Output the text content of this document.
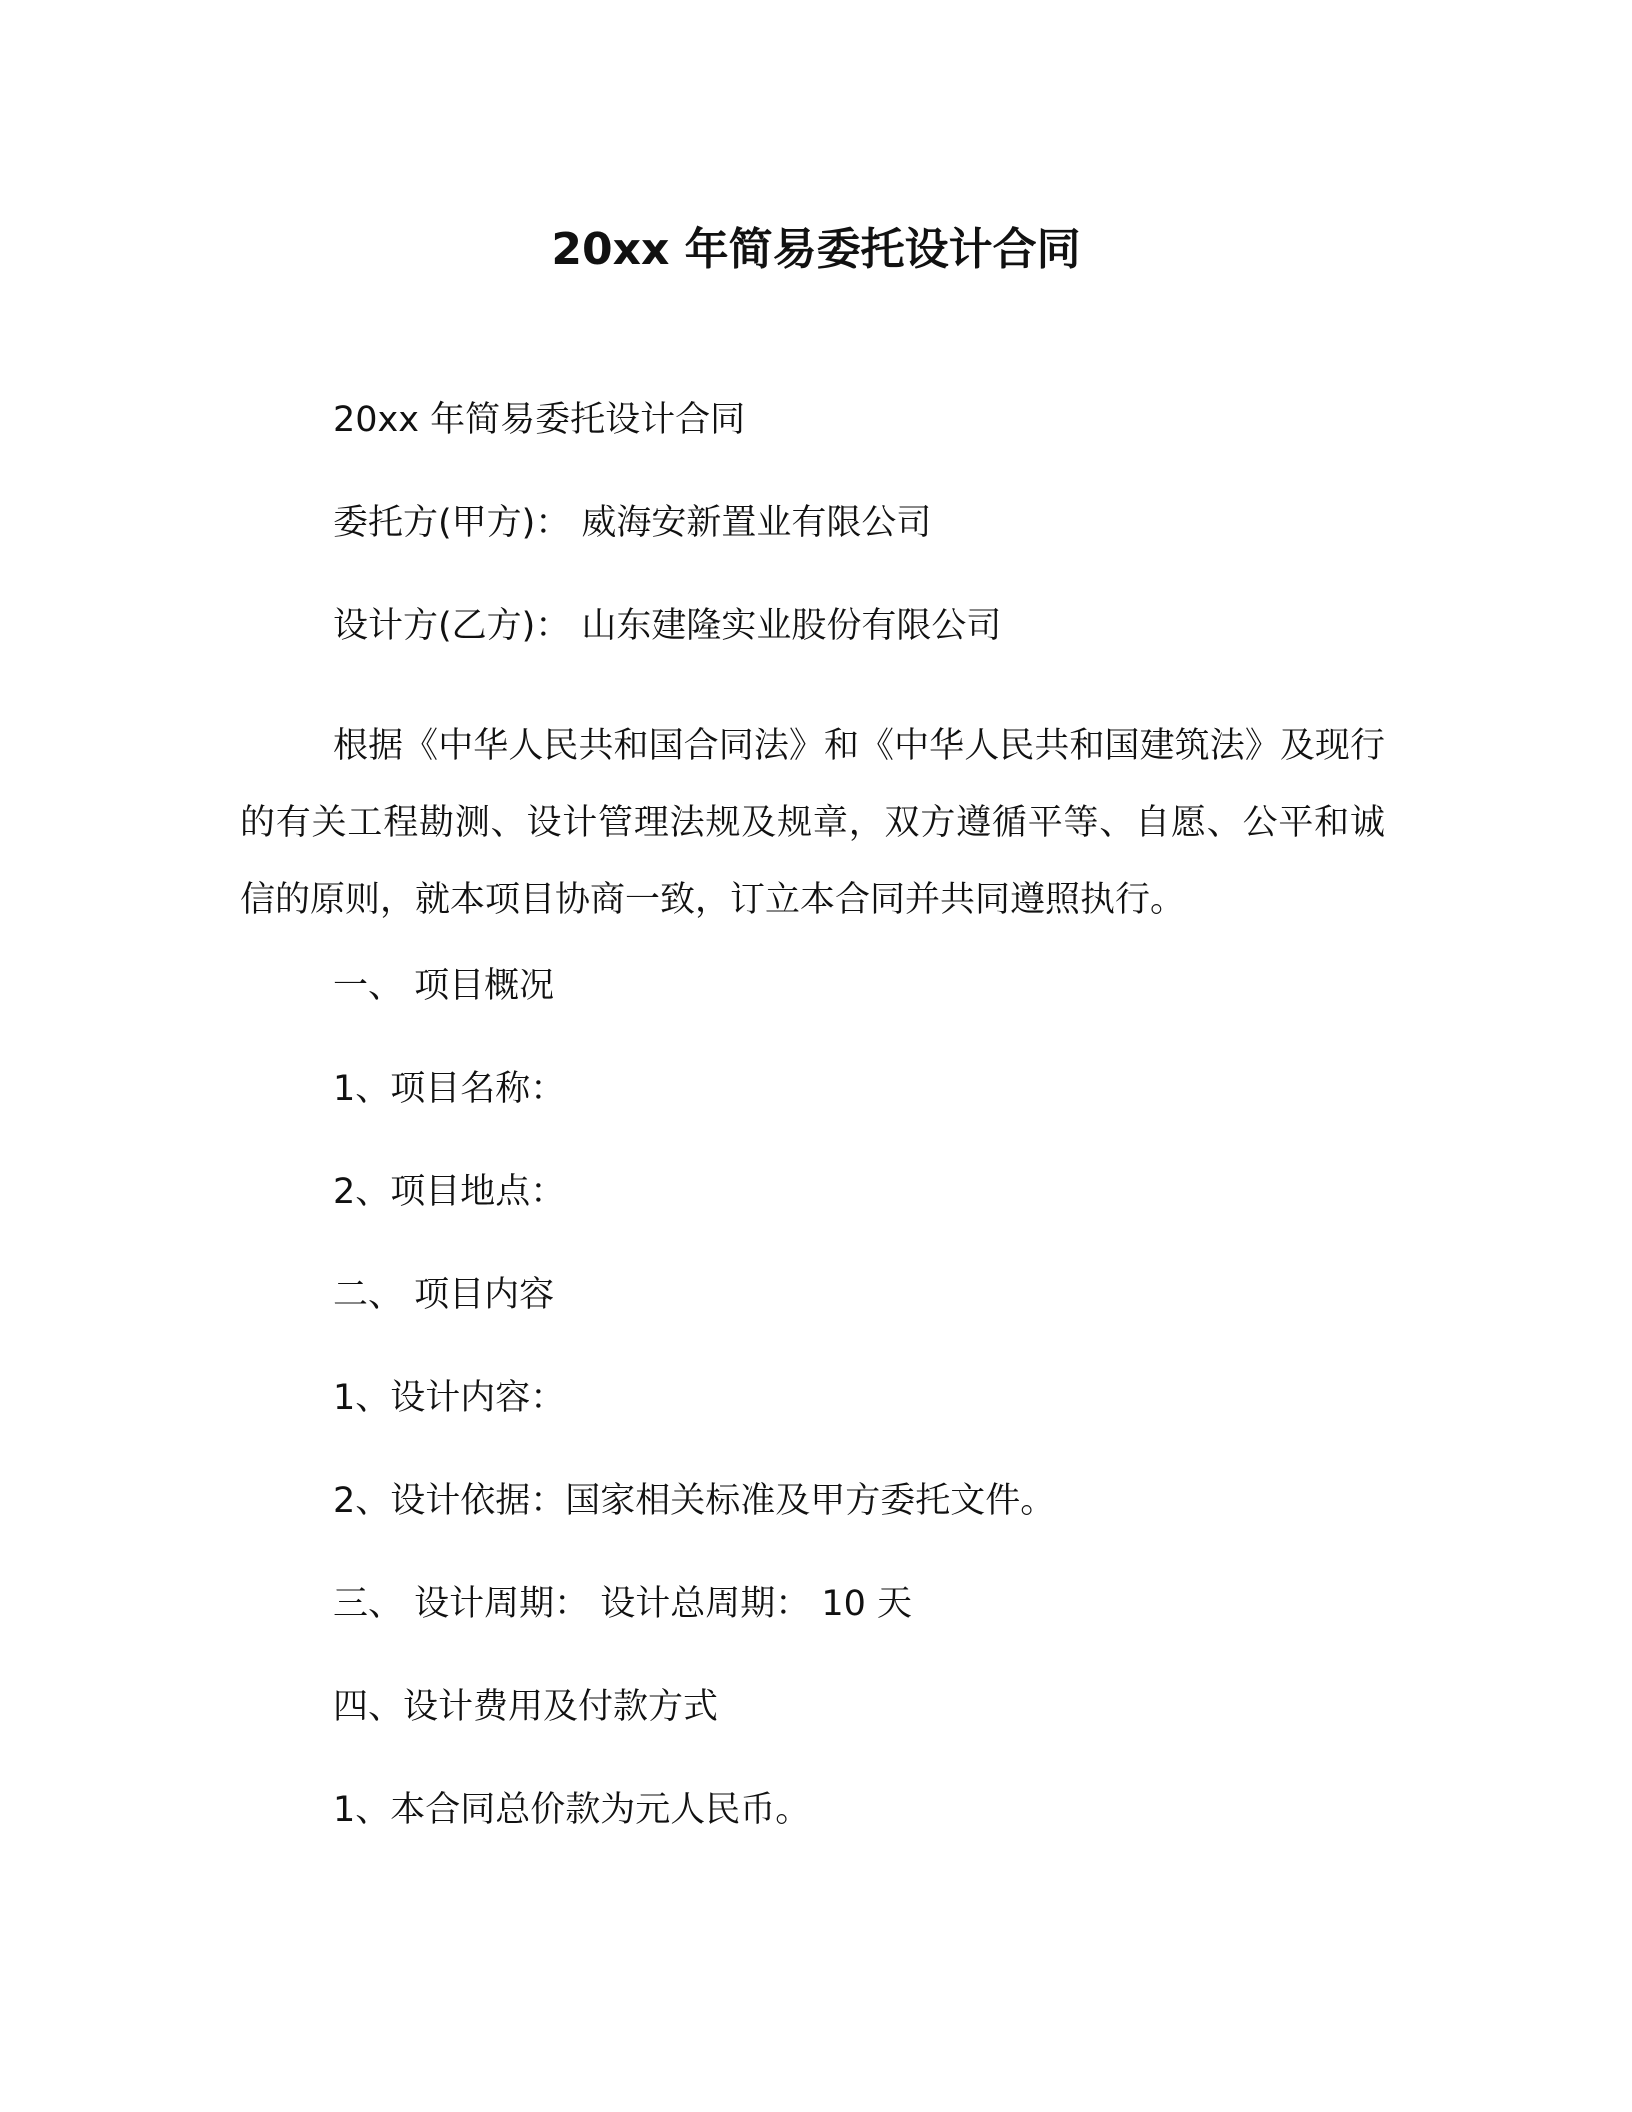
20xx 年简易委托设计合同
20xx 年简易委托设计合同
委托方(甲方)： 威海安新置业有限公司
设计方(乙方)： 山东建隆实业股份有限公司
根据《中华人民共和国合同法》和《中华人民共和国建筑法》及现行的有关工程勘测、设计管理法规及规章，双方遵循平等、自愿、公平和诚信的原则，就本项目协商一致，订立本合同并共同遵照执行。
一、 项目概况
1、项目名称：
2、项目地点：
二、 项目内容
1、设计内容：
2、设计依据：国家相关标准及甲方委托文件。
三、 设计周期： 设计总周期： 10 天
四、设计费用及付款方式
1、本合同总价款为元人民币。
